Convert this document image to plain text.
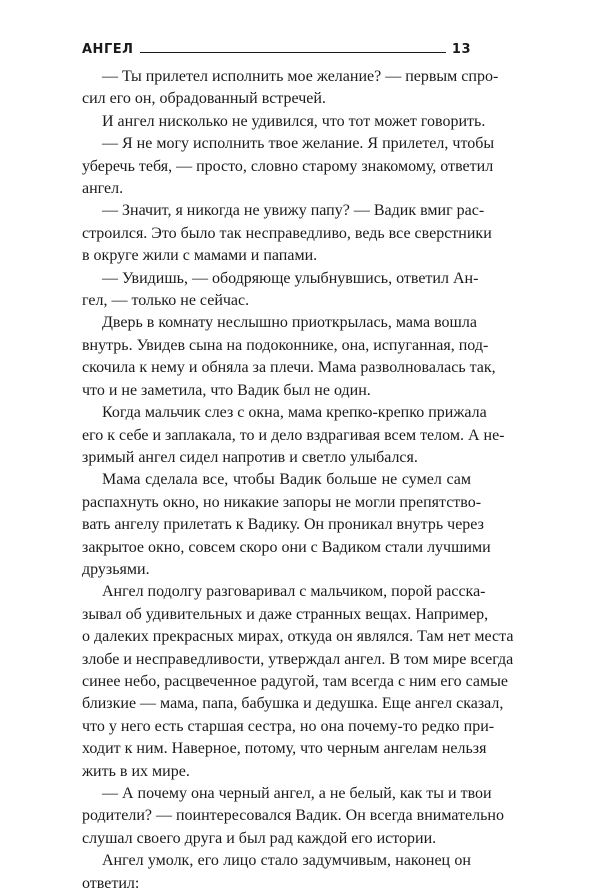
АНГЕЛ	13
— Ты прилетел исполнить мое желание? — первым спро-
сил его он, обрадованный встречей.
И ангел нисколько не удивился, что тот может говорить.
— Я не могу исполнить твое желание. Я прилетел, чтобы
уберечь тебя, — просто, словно старому знакомому, ответил
ангел.
— Значит, я никогда не увижу папу? — Вадик вмиг рас-
строился. Это было так несправедливо, ведь все сверстники
в округе жили с мамами и папами.
— Увидишь, — ободряюще улыбнувшись, ответил Ан-
гел, — только не сейчас.
Дверь в комнату неслышно приоткрылась, мама вошла
внутрь. Увидев сына на подоконнике, она, испуганная, под-
скочила к нему и обняла за плечи. Мама разволновалась так,
что и не заметила, что Вадик был не один.
Когда мальчик слез с окна, мама крепко-крепко прижала
его к себе и заплакала, то и дело вздрагивая всем телом. А не-
зримый ангел сидел напротив и светло улыбался.
Мама сделала все, чтобы Вадик больше не сумел сам
распахнуть окно, но никакие запоры не могли препятство-
вать ангелу прилетать к Вадику. Он проникал внутрь через
закрытое окно, совсем скоро они с Вадиком стали лучшими
друзьями.
Ангел подолгу разговаривал с мальчиком, порой расска-
зывал об удивительных и даже странных вещах. Например,
о далеких прекрасных мирах, откуда он являлся. Там нет места
злобе и несправедливости, утверждал ангел. В том мире всегда
синее небо, расцвеченное радугой, там всегда с ним его самые
близкие — мама, папа, бабушка и дедушка. Еще ангел сказал,
что у него есть старшая сестра, но она почему-то редко при-
ходит к ним. Наверное, потому, что черным ангелам нельзя
жить в их мире.
— А почему она черный ангел, а не белый, как ты и твои
родители? — поинтересовался Вадик. Он всегда внимательно
слушал своего друга и был рад каждой его истории.
Ангел умолк, его лицо стало задумчивым, наконец он
ответил:
